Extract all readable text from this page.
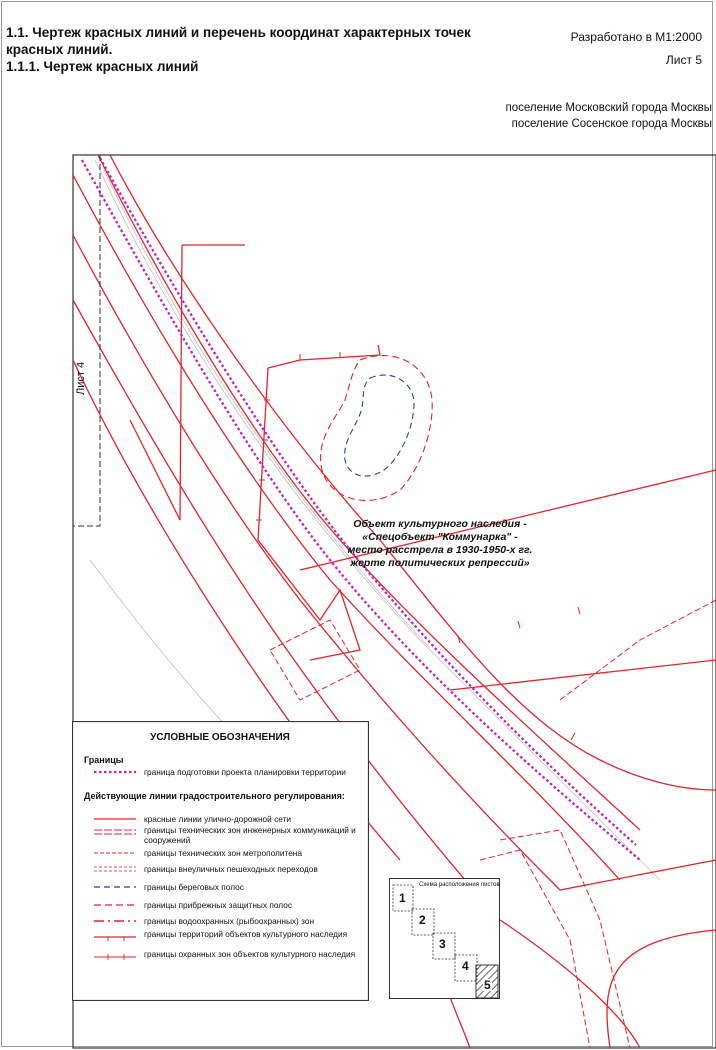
1.1. Чертеж красных линий и перечень координат характерных точек
красных линий.
1.1.1. Чертеж красных линий
Разработано в М1:2000
Лист 5
поселение Московский города Москвы
поселение Сосенское города Москвы
Лист 4
Объект культурного наследия -
«Спецобъект "Коммунарка" -
место расстрела в 1930-1950-х гг.
жерте политических репрессий»
УСЛОВНЫЕ ОБОЗНАЧЕНИЯ
Границы
граница подготовки проекта планировки территории
Действующие линии градостроительного регулирования:
красные линии улично-дорожной сети
границы технических зон инженерных коммуникаций и сооружений
границы технических зон метрополитена
границы внеуличных пешеходных переходов
границы береговых полос
границы прибрежных защитных полос
границы водоохранных (рыбоохранных) зон
границы территорий объектов культурного наследия
границы охранных зон объектов культурного наследия
Схема расположения листов
1
2
3
4
5
